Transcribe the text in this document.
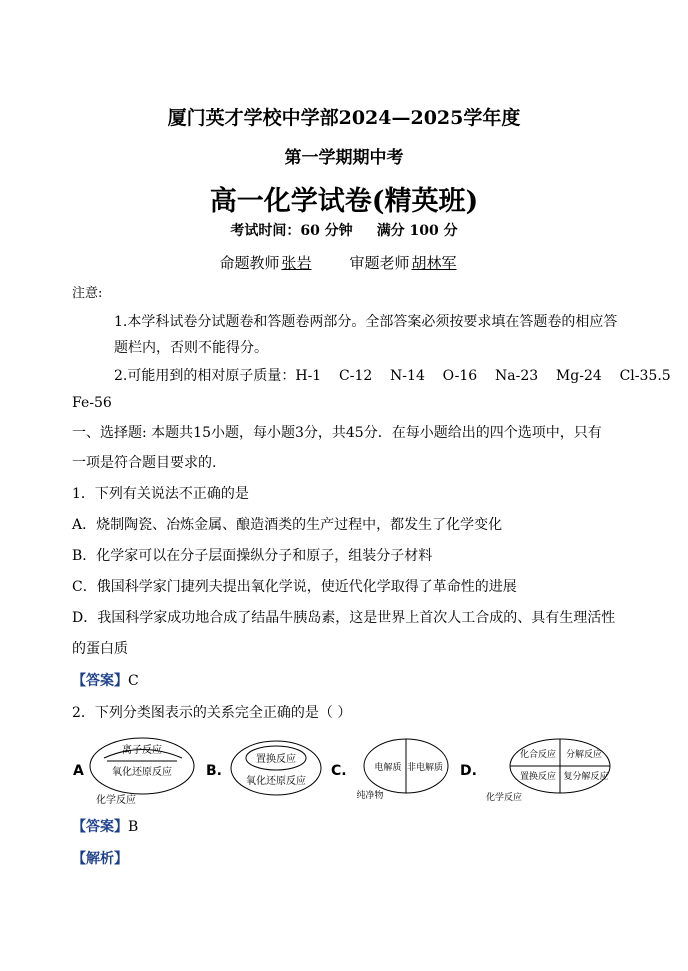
厦门英才学校中学部2024—2025学年度
第一学期期中考
高一化学试卷(精英班)
考试时间：60 分钟 满分 100 分
命题教师 张岩	审题老师 胡林军
注意:
1.本学科试卷分试题卷和答题卷两部分。全部答案必须按要求填在答题卷的相应答
题栏内，否则不能得分。
2.可能用到的相对原子质量：H-1    C-12    N-14    O-16    Na-23    Mg-24    Cl-35.5
Fe-56
一、选择题: 本题共15小题，每小题3分，共45分．在每小题给出的四个选项中，只有
一项是符合题目要求的.
1．下列有关说法不正确的是
A．烧制陶瓷、冶炼金属、酿造酒类的生产过程中，都发生了化学变化
B．化学家可以在分子层面操纵分子和原子，组装分子材料
C．俄国科学家门捷列夫提出氧化学说，使近代化学取得了革命性的进展
D．我国科学家成功地合成了结晶牛胰岛素，这是世界上首次人工合成的、具有生理活性
的蛋白质
【答案】C
2．下列分类图表示的关系完全正确的是（ ）
A	B.	C.	D.
离子反应
氧化还原反应
化学反应
置换反应
氧化还原反应
电解质 非电解质
纯净物
化合反应 分解反应
置换反应 复分解反应
化学反应
【答案】B
【解析】
